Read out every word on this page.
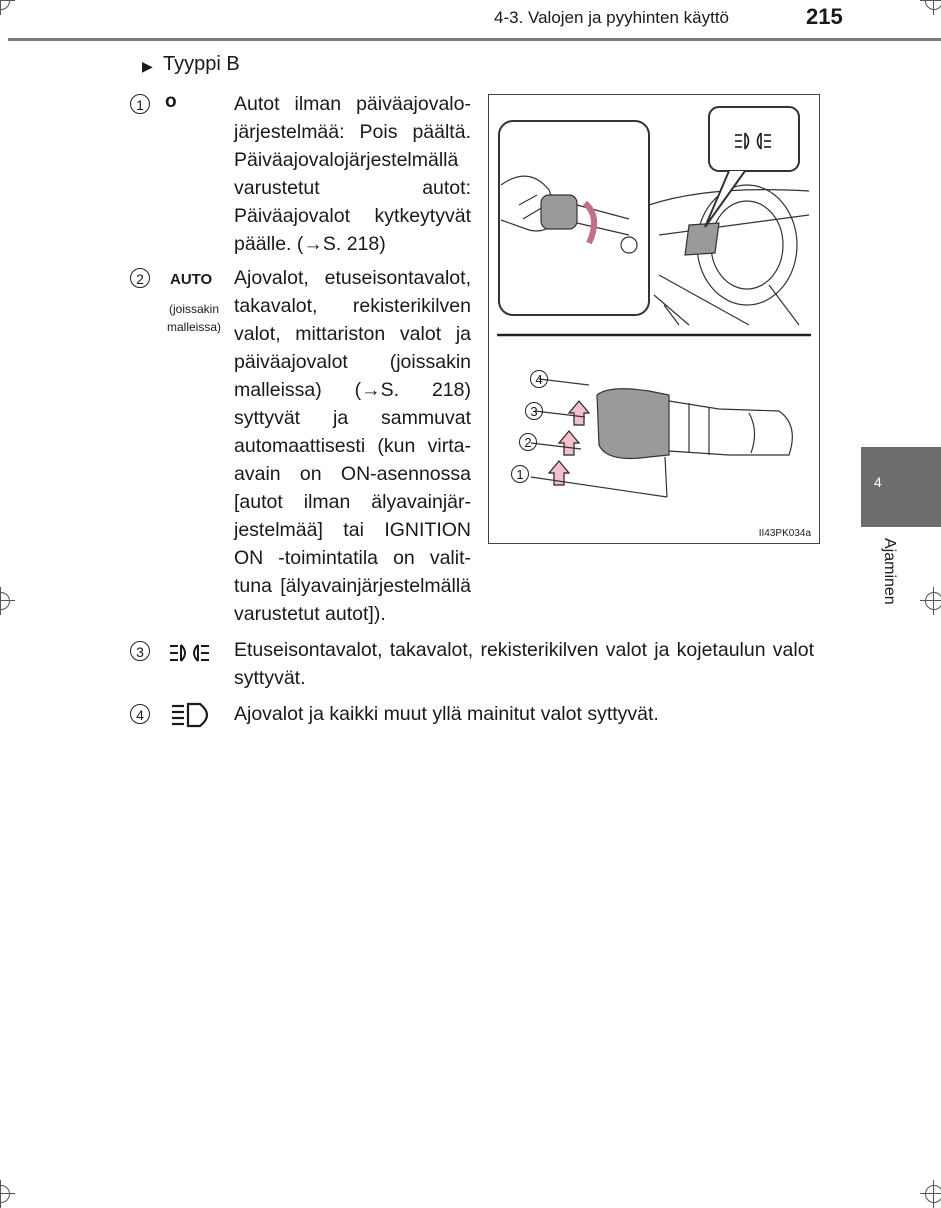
4-3. Valojen ja pyyhinten käyttö	215
▶ Tyyppi B
1	o	Autot ilman päiväajovalojärjestelmää: Pois päältä. Päiväajovalojärjestelmällä varustetut autot: Päiväajovalot kytkeytyvät päälle. (→S. 218)
2	AUTO
(joissakin malleissa)
Ajovalot, etuseisontavalot, takavalot, rekisterikilven valot, mittariston valot ja päiväajovalot (joissakin malleissa) (→S. 218) syttyvät ja sammuvat automaattisesti (kun virtaavain on ON-asennossa [autot ilman älyavainjärjestelmää] tai IGNITION ON -toimintatila on valittuna [älyavainjärjestelmällä varustetut autot]).
3	Etuseisontavalot, takavalot, rekisterikilven valot ja kojetaulun valot syttyvät.
4	Ajovalot ja kaikki muut yllä mainitut valot syttyvät.
4
3
2
1
II43PK034a
4
Ajaminen
